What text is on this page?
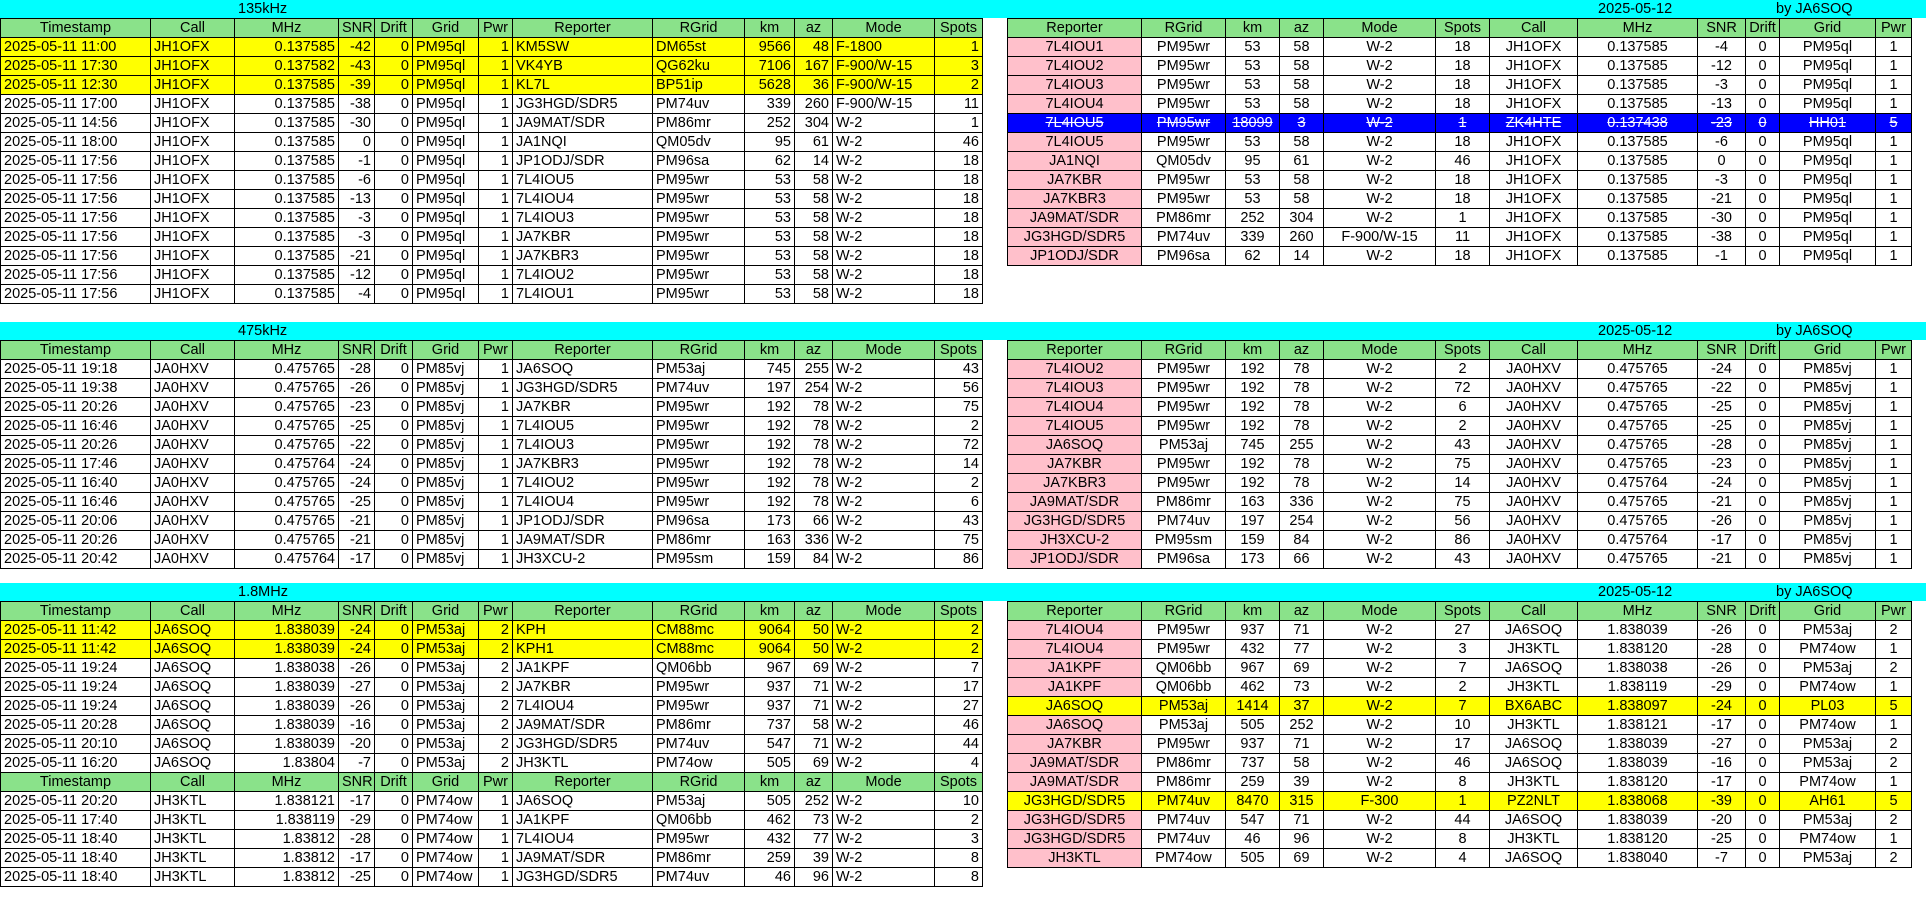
135kHz	2025-05-12	by JA6SOQ
475kHz	2025-05-12	by JA6SOQ
1.8MHz	2025-05-12	by JA6SOQ
Timestamp	Call	MHz	SNR	Drift	Grid	Pwr	Reporter	RGrid	km	az	Mode	Spots
2025-05-11 11:00	JH1OFX	0.137585	-42	0	PM95ql	1	KM5SW	DM65st	9566	48	F-1800	1
2025-05-11 17:30	JH1OFX	0.137582	-43	0	PM95ql	1	VK4YB	QG62ku	7106	167	F-900/W-15	3
2025-05-11 12:30	JH1OFX	0.137585	-39	0	PM95ql	1	KL7L	BP51ip	5628	36	F-900/W-15	2
2025-05-11 17:00	JH1OFX	0.137585	-38	0	PM95ql	1	JG3HGD/SDR5	PM74uv	339	260	F-900/W-15	11
2025-05-11 14:56	JH1OFX	0.137585	-30	0	PM95ql	1	JA9MAT/SDR	PM86mr	252	304	W-2	1
2025-05-11 18:00	JH1OFX	0.137585	0	0	PM95ql	1	JA1NQI	QM05dv	95	61	W-2	46
2025-05-11 17:56	JH1OFX	0.137585	-1	0	PM95ql	1	JP1ODJ/SDR	PM96sa	62	14	W-2	18
2025-05-11 17:56	JH1OFX	0.137585	-6	0	PM95ql	1	7L4IOU5	PM95wr	53	58	W-2	18
2025-05-11 17:56	JH1OFX	0.137585	-13	0	PM95ql	1	7L4IOU4	PM95wr	53	58	W-2	18
2025-05-11 17:56	JH1OFX	0.137585	-3	0	PM95ql	1	7L4IOU3	PM95wr	53	58	W-2	18
2025-05-11 17:56	JH1OFX	0.137585	-3	0	PM95ql	1	JA7KBR	PM95wr	53	58	W-2	18
2025-05-11 17:56	JH1OFX	0.137585	-21	0	PM95ql	1	JA7KBR3	PM95wr	53	58	W-2	18
2025-05-11 17:56	JH1OFX	0.137585	-12	0	PM95ql	1	7L4IOU2	PM95wr	53	58	W-2	18
2025-05-11 17:56	JH1OFX	0.137585	-4	0	PM95ql	1	7L4IOU1	PM95wr	53	58	W-2	18
Reporter	RGrid	km	az	Mode	Spots	Call	MHz	SNR	Drift	Grid	Pwr
7L4IOU1	PM95wr	53	58	W-2	18	JH1OFX	0.137585	-4	0	PM95ql	1
7L4IOU2	PM95wr	53	58	W-2	18	JH1OFX	0.137585	-12	0	PM95ql	1
7L4IOU3	PM95wr	53	58	W-2	18	JH1OFX	0.137585	-3	0	PM95ql	1
7L4IOU4	PM95wr	53	58	W-2	18	JH1OFX	0.137585	-13	0	PM95ql	1
7L4IOU5	PM95wr	18099	3	W-2	1	ZK4HTE	0.137438	-23	0	HH01	5
7L4IOU5	PM95wr	53	58	W-2	18	JH1OFX	0.137585	-6	0	PM95ql	1
JA1NQI	QM05dv	95	61	W-2	46	JH1OFX	0.137585	0	0	PM95ql	1
JA7KBR	PM95wr	53	58	W-2	18	JH1OFX	0.137585	-3	0	PM95ql	1
JA7KBR3	PM95wr	53	58	W-2	18	JH1OFX	0.137585	-21	0	PM95ql	1
JA9MAT/SDR	PM86mr	252	304	W-2	1	JH1OFX	0.137585	-30	0	PM95ql	1
JG3HGD/SDR5	PM74uv	339	260	F-900/W-15	11	JH1OFX	0.137585	-38	0	PM95ql	1
JP1ODJ/SDR	PM96sa	62	14	W-2	18	JH1OFX	0.137585	-1	0	PM95ql	1
Timestamp	Call	MHz	SNR	Drift	Grid	Pwr	Reporter	RGrid	km	az	Mode	Spots
2025-05-11 19:18	JA0HXV	0.475765	-28	0	PM85vj	1	JA6SOQ	PM53aj	745	255	W-2	43
2025-05-11 19:38	JA0HXV	0.475765	-26	0	PM85vj	1	JG3HGD/SDR5	PM74uv	197	254	W-2	56
2025-05-11 20:26	JA0HXV	0.475765	-23	0	PM85vj	1	JA7KBR	PM95wr	192	78	W-2	75
2025-05-11 16:46	JA0HXV	0.475765	-25	0	PM85vj	1	7L4IOU5	PM95wr	192	78	W-2	2
2025-05-11 20:26	JA0HXV	0.475765	-22	0	PM85vj	1	7L4IOU3	PM95wr	192	78	W-2	72
2025-05-11 17:46	JA0HXV	0.475764	-24	0	PM85vj	1	JA7KBR3	PM95wr	192	78	W-2	14
2025-05-11 16:40	JA0HXV	0.475765	-24	0	PM85vj	1	7L4IOU2	PM95wr	192	78	W-2	2
2025-05-11 16:46	JA0HXV	0.475765	-25	0	PM85vj	1	7L4IOU4	PM95wr	192	78	W-2	6
2025-05-11 20:06	JA0HXV	0.475765	-21	0	PM85vj	1	JP1ODJ/SDR	PM96sa	173	66	W-2	43
2025-05-11 20:26	JA0HXV	0.475765	-21	0	PM85vj	1	JA9MAT/SDR	PM86mr	163	336	W-2	75
2025-05-11 20:42	JA0HXV	0.475764	-17	0	PM85vj	1	JH3XCU-2	PM95sm	159	84	W-2	86
Reporter	RGrid	km	az	Mode	Spots	Call	MHz	SNR	Drift	Grid	Pwr
7L4IOU2	PM95wr	192	78	W-2	2	JA0HXV	0.475765	-24	0	PM85vj	1
7L4IOU3	PM95wr	192	78	W-2	72	JA0HXV	0.475765	-22	0	PM85vj	1
7L4IOU4	PM95wr	192	78	W-2	6	JA0HXV	0.475765	-25	0	PM85vj	1
7L4IOU5	PM95wr	192	78	W-2	2	JA0HXV	0.475765	-25	0	PM85vj	1
JA6SOQ	PM53aj	745	255	W-2	43	JA0HXV	0.475765	-28	0	PM85vj	1
JA7KBR	PM95wr	192	78	W-2	75	JA0HXV	0.475765	-23	0	PM85vj	1
JA7KBR3	PM95wr	192	78	W-2	14	JA0HXV	0.475764	-24	0	PM85vj	1
JA9MAT/SDR	PM86mr	163	336	W-2	75	JA0HXV	0.475765	-21	0	PM85vj	1
JG3HGD/SDR5	PM74uv	197	254	W-2	56	JA0HXV	0.475765	-26	0	PM85vj	1
JH3XCU-2	PM95sm	159	84	W-2	86	JA0HXV	0.475764	-17	0	PM85vj	1
JP1ODJ/SDR	PM96sa	173	66	W-2	43	JA0HXV	0.475765	-21	0	PM85vj	1
Timestamp	Call	MHz	SNR	Drift	Grid	Pwr	Reporter	RGrid	km	az	Mode	Spots
2025-05-11 11:42	JA6SOQ	1.838039	-24	0	PM53aj	2	KPH	CM88mc	9064	50	W-2	2
2025-05-11 11:42	JA6SOQ	1.838039	-24	0	PM53aj	2	KPH1	CM88mc	9064	50	W-2	2
2025-05-11 19:24	JA6SOQ	1.838038	-26	0	PM53aj	2	JA1KPF	QM06bb	967	69	W-2	7
2025-05-11 19:24	JA6SOQ	1.838039	-27	0	PM53aj	2	JA7KBR	PM95wr	937	71	W-2	17
2025-05-11 19:24	JA6SOQ	1.838039	-26	0	PM53aj	2	7L4IOU4	PM95wr	937	71	W-2	27
2025-05-11 20:28	JA6SOQ	1.838039	-16	0	PM53aj	2	JA9MAT/SDR	PM86mr	737	58	W-2	46
2025-05-11 20:10	JA6SOQ	1.838039	-20	0	PM53aj	2	JG3HGD/SDR5	PM74uv	547	71	W-2	44
2025-05-11 16:20	JA6SOQ	1.83804	-7	0	PM53aj	2	JH3KTL	PM74ow	505	69	W-2	4
Timestamp	Call	MHz	SNR	Drift	Grid	Pwr	Reporter	RGrid	km	az	Mode	Spots
2025-05-11 20:20	JH3KTL	1.838121	-17	0	PM74ow	1	JA6SOQ	PM53aj	505	252	W-2	10
2025-05-11 17:40	JH3KTL	1.838119	-29	0	PM74ow	1	JA1KPF	QM06bb	462	73	W-2	2
2025-05-11 18:40	JH3KTL	1.83812	-28	0	PM74ow	1	7L4IOU4	PM95wr	432	77	W-2	3
2025-05-11 18:40	JH3KTL	1.83812	-17	0	PM74ow	1	JA9MAT/SDR	PM86mr	259	39	W-2	8
2025-05-11 18:40	JH3KTL	1.83812	-25	0	PM74ow	1	JG3HGD/SDR5	PM74uv	46	96	W-2	8
Reporter	RGrid	km	az	Mode	Spots	Call	MHz	SNR	Drift	Grid	Pwr
7L4IOU4	PM95wr	937	71	W-2	27	JA6SOQ	1.838039	-26	0	PM53aj	2
7L4IOU4	PM95wr	432	77	W-2	3	JH3KTL	1.838120	-28	0	PM74ow	1
JA1KPF	QM06bb	967	69	W-2	7	JA6SOQ	1.838038	-26	0	PM53aj	2
JA1KPF	QM06bb	462	73	W-2	2	JH3KTL	1.838119	-29	0	PM74ow	1
JA6SOQ	PM53aj	1414	37	W-2	7	BX6ABC	1.838097	-24	0	PL03	5
JA6SOQ	PM53aj	505	252	W-2	10	JH3KTL	1.838121	-17	0	PM74ow	1
JA7KBR	PM95wr	937	71	W-2	17	JA6SOQ	1.838039	-27	0	PM53aj	2
JA9MAT/SDR	PM86mr	737	58	W-2	46	JA6SOQ	1.838039	-16	0	PM53aj	2
JA9MAT/SDR	PM86mr	259	39	W-2	8	JH3KTL	1.838120	-17	0	PM74ow	1
JG3HGD/SDR5	PM74uv	8470	315	F-300	1	PZ2NLT	1.838068	-39	0	AH61	5
JG3HGD/SDR5	PM74uv	547	71	W-2	44	JA6SOQ	1.838039	-20	0	PM53aj	2
JG3HGD/SDR5	PM74uv	46	96	W-2	8	JH3KTL	1.838120	-25	0	PM74ow	1
JH3KTL	PM74ow	505	69	W-2	4	JA6SOQ	1.838040	-7	0	PM53aj	2
